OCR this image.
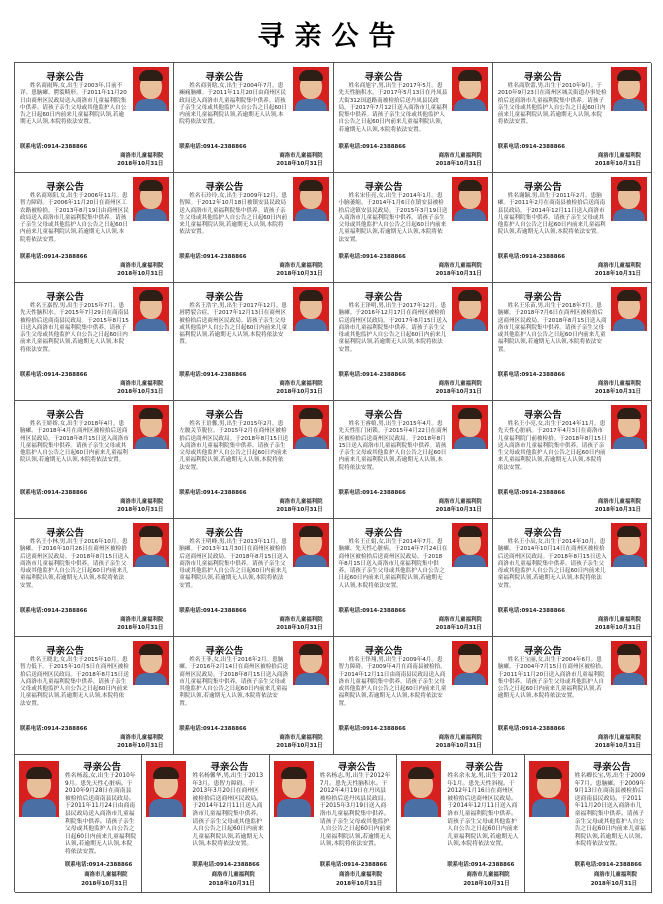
寻亲公告
寻亲公告
姓名商雨辉,女,出生于2003年,目前不详。患脑瘫、腭裂畸形。于2011年11月20日由商州区民政局送入商洛市儿童福利院集中供养。请孩子亲生父母或其他监护人自公告之日起60日内前来儿童福利院认领,若逾期无人认领,本院将依法安置。
联系电话:0914-2388866
商洛市儿童福利院
2018年10月31日
寻亲公告
姓名商羽晗,女,出生于2004年7月。患癫痫脑瘫。于2011年11月20日由商州区民政局送入商洛市儿童福利院集中供养。请孩子亲生父母或其他监护人自公告之日起60日内前来儿童福利院认领,若逾期无人认领,本院将依法安置。
联系电话:0914-2388866
商洛市儿童福利院
2018年10月31日
寻亲公告
姓名商旭宇,男,出生于2017年5月。患先天性脑积水。于2017年5月13日在丹凤县大街312国道路南被检拾后送丹凤县民政局。于2017年7月12日送入商洛市儿童福利院集中供养。请孩子亲生父母或其他监护人自公告之日起60日内前来儿童福利院认领,若逾期无人认领,本院将依法安置。
联系电话:0914-2388866
商洛市儿童福利院
2018年10月31日
寻亲公告
姓名商欣蕾,男,出生于2010年9月。于2010年9月23日在商州区城关街道办事处检拾后送商洛市儿童福利院集中供养。请孩子亲生父母或其他监护人自公告之日起60日内前来儿童福利院认领,若逾期无人认领,本院将依法安置。
联系电话:0914-2388866
商洛市儿童福利院
2018年10月31日
寻亲公告
姓名商寒阳,女,出生于2006年11月。患智力障碍。于2006年11月20日在商州区工农路被检拾。于2013年8月19日由商州区民政局送入商洛市儿童福利院集中供养。请孩子亲生父母或其他监护人自公告之日起60日内前来儿童福利院认领,若逾期无人认领,本院将依法安置。
联系电话:0914-2388866
商洛市儿童福利院
2018年10月31日
寻亲公告
姓名石玲玲,女,出生于2009年12月。患智障。于2012年10月18日被镇安县民政局送入商洛市儿童福利院集中供养。请孩子亲生父母或其他监护人自公告之日起60日内前来儿童福利院认领,若逾期无人认领,本院将依法安置。
联系电话:0914-2388866
商洛市儿童福利院
2018年10月31日
寻亲公告
姓名宋佳亮,女,出生于2014年1月。患小脑萎缩。于2014年1月6日在镇安县被检拾后送镇安县民政局。于2015年3月19日送入商洛市儿童福利院集中供养。请孩子亲生父母或其他监护人自公告之日起60日内前来儿童福利院认领,若逾期无人认领,本院将依法安置。
联系电话:0914-2388866
商洛市儿童福利院
2018年10月31日
寻亲公告
姓名谢颖,男,出生于2011年2月。患脑瘫。于2011年2月在商南县被检拾后送商南县民政局。于2014年12月11日送入商洛市儿童福利院集中供养。请孩子亲生父母或其他监护人自公告之日起60日内前来儿童福利院认领,若逾期无人认领,本院将依法安置。
联系电话:0914-2388866
商洛市儿童福利院
2018年10月31日
寻亲公告
姓名王嘉智,男,出生于2015年7月。患先天性脑积水。于2015年7月29日在商南县被检拾后送商南县民政局。于2015年8月15日送入商洛市儿童福利院集中供养。请孩子亲生父母或其他监护人自公告之日起60日内前来儿童福利院认领,若逾期无人认领,本院将依法安置。
联系电话:0914-2388866
商洛市儿童福利院
2018年10月31日
寻亲公告
姓名王浩宇,男,出生于2017年12月。患唇腭裂合症。于2017年12月13日在商州区被检拾后送商州区民政局。请孩子亲生父母或其他监护人自公告之日起60日内前来儿童福利院认领,若逾期无人认领,本院将依法安置。
联系电话:0914-2388866
商洛市儿童福利院
2018年10月31日
寻亲公告
姓名王泽明,男,出生于2017年12月。患脑瘫。于2016年12月17日在商州区被检拾后送商州区民政局。于2017年8月15日送入商洛市儿童福利院集中供养。请孩子亲生父母或其他监护人自公告之日起60日内前来儿童福利院认领,若逾期无人认领,本院将依法安置。
联系电话:0914-2388866
商洛市儿童福利院
2018年10月31日
寻亲公告
姓名王乐苗,男,出生于2018年7月。患脑瘫。于2018年7月6日在商州区被检拾后送商州区民政局。于2018年8月15日送入商洛市儿童福利院集中供养。请孩子亲生父母或其他监护人自公告之日起60日内前来儿童福利院认领,若逾期无人认领,本院将依法安置。
联系电话:0914-2388866
商洛市儿童福利院
2018年10月31日
寻亲公告
姓名王娇娇,女,出生于2018年4月。患脑瘫。于2018年4月在商州区被检拾后送商州区民政局。于2018年8月15日送入商洛市儿童福利院集中供养。请孩子亲生父母或其他监护人自公告之日起60日内前来儿童福利院认领,若逾期无人认领,本院将依法安置。
联系电话:0914-2388866
商洛市儿童福利院
2018年10月31日
寻亲公告
姓名王语馨,男,出生于2015年2月。患左髋关节脱位。于2015年2月在商州区被检拾后送商州区民政局。于2018年8月15日送入商洛市儿童福利院集中供养。请孩子亲生父母或其他监护人自公告之日起60日内前来儿童福利院认领,若逾期无人认领,本院将依法安置。
联系电话:0914-2388866
商洛市儿童福利院
2018年10月31日
寻亲公告
姓名王睿娘,男,出生于2015年4月。患先天性肛门闭锁。于2015年4月22日在商州区被检拾后送商州区民政局。于2018年8月15日送入商洛市儿童福利院集中供养。请孩子亲生父母或其他监护人自公告之日起60日内前来儿童福利院认领,若逾期无人认领,本院将依法安置。
联系电话:0914-2388866
商洛市儿童福利院
2018年10月31日
寻亲公告
姓名王小亮,女,出生于2014年11月。患先天性心脏病。于2017年4月3日在商洛市儿童福利院门前被检拾。于2018年8月15日送入商洛市儿童福利院集中供养。请孩子亲生父母或其他监护人自公告之日起60日内前来儿童福利院认领,若逾期无人认领,本院将依法安置。
联系电话:0914-2388866
商洛市儿童福利院
2018年10月31日
寻亲公告
姓名王小林,男,出生于2016年10月。患脑瘫。于2016年10月26日在商州区被检拾后送商州区民政局。于2018年8月15日送入商洛市儿童福利院集中供养。请孩子亲生父母或其他监护人自公告之日起60日内前来儿童福利院认领,若逾期无人认领,本院将依法安置。
联系电话:0914-2388866
商洛市儿童福利院
2018年10月31日
寻亲公告
姓名王明峰,男,出生于2013年11月。患脑瘫。于2013年11月30日在商州区被检拾后送商州区民政局。于2018年8月15日送入商洛市儿童福利院集中供养。请孩子亲生父母或其他监护人自公告之日起60日内前来儿童福利院认领,若逾期无人认领,本院将依法安置。
联系电话:0914-2388866
商洛市儿童福利院
2018年10月31日
寻亲公告
姓名王正娟,女,出生于2014年7月。患脑瘫、先天性心脏病。于2014年7月24日在商州区被检拾后送商州区民政局。于2018年8月15日送入商洛市儿童福利院集中供养。请孩子亲生父母或其他监护人自公告之日起60日内前来儿童福利院认领,若逾期无人认领,本院将依法安置。
联系电话:0914-2388866
商洛市儿童福利院
2018年10月31日
寻亲公告
姓名王小辰,女,出生于2014年10月。患脑瘫。于2014年10月14日在商州区被检拾后送商州区民政局。于2018年8月15日送入商洛市儿童福利院集中供养。请孩子亲生父母或其他监护人自公告之日起60日内前来儿童福利院认领,若逾期无人认领,本院将依法安置。
联系电话:0914-2388866
商洛市儿童福利院
2018年10月31日
寻亲公告
姓名王晓北,女,出生于2015年10月。患智力低下。于2015年10月5日在商州区被检拾后送商州区民政局。于2018年8月15日送入商洛市儿童福利院集中供养。请孩子亲生父母或其他监护人自公告之日起60日内前来儿童福利院认领,若逾期无人认领,本院将依法安置。
联系电话:0914-2388866
商洛市儿童福利院
2018年10月31日
寻亲公告
姓名王菲,女,出生于2016年2月。患脑瘫。于2016年2月14日在商州区被检拾后送商州区民政局。于2018年8月15日送入商洛市儿童福利院集中供养。请孩子亲生父母或其他监护人自公告之日起60日内前来儿童福利院认领,若逾期无人认领,本院将依法安置。
联系电话:0914-2388866
商洛市儿童福利院
2018年10月31日
寻亲公告
姓名王怿翔,男,出生于2009年4月。患智力障碍。于2009年4月在商南县被检拾。于2014年12月11日由商南县民政局送入商洛市儿童福利院集中供养。请孩子亲生父母或其他监护人自公告之日起60日内前来儿童福利院认领,若逾期无人认领,本院将依法安置。
联系电话:0914-2388866
商洛市儿童福利院
2018年10月31日
寻亲公告
姓名王宝丽,女,出生于2004年6月。患脑瘫。于2004年7月15日在商州区被检拾。于2011年11月20日送入商洛市儿童福利院集中供养。请孩子亲生父母或其他监护人自公告之日起60日内前来儿童福利院认领,若逾期无人认领,本院将依法安置。
联系电话:0914-2388866
商洛市儿童福利院
2018年10月31日
寻亲公告
姓名杨蕊,女,出生于2010年9月。患先天性心脏病。于2010年9月28日在商南县被检拾后送商南县民政局。于2011年11月24日由商南县民政局送入商洛市儿童福利院集中供养。请孩子亲生父母或其他监护人自公告之日起60日内前来儿童福利院认领,若逾期无人认领,本院将依法安置。
联系电话:0914-2388866
商洛市儿童福利院
2018年10月31日
寻亲公告
姓名杨馨华,男,出生于2013年3月。患智力障碍。于2013年3月20日在商州区被检拾后送商州区民政局。于2014年12月11日送入商洛市儿童福利院集中供养。请孩子亲生父母或其他监护人自公告之日起60日内前来儿童福利院认领,若逾期无人认领,本院将依法安置。
联系电话:0914-2388866
商洛市儿童福利院
2018年10月31日
寻亲公告
姓名杨志,男,出生于2012年7月。患先天性脑积水。于2012年4月19日在丹凤县被检拾后送丹凤县民政局。于2015年3月19日送入商洛市儿童福利院集中供养。请孩子亲生父母或其他监护人自公告之日起60日内前来儿童福利院认领,若逾期无人认领,本院将依法安置。
联系电话:0914-2388866
商洛市儿童福利院
2018年10月31日
寻亲公告
姓名余永龙,男,出生于2012年1月。患先天性斜视。于2012年1月16日在商州区被检拾后送商州区民政局。于2014年12月11日送入商洛市儿童福利院集中供养。请孩子亲生父母或其他监护人自公告之日起60日内前来儿童福利院认领,若逾期无人认领,本院将依法安置。
联系电话:0914-2388866
商洛市儿童福利院
2018年10月31日
寻亲公告
姓名卿长宝,男,出生于2009年7月。患脑瘫。于2009年9月13日在商南县被检拾后送商南县民政局。于2011年11月20日送入商洛市儿童福利院集中供养。请孩子亲生父母或其他监护人自公告之日起60日内前来儿童福利院认领,若逾期无人认领,本院将依法安置。
联系电话:0914-2388866
商洛市儿童福利院
2018年10月31日
